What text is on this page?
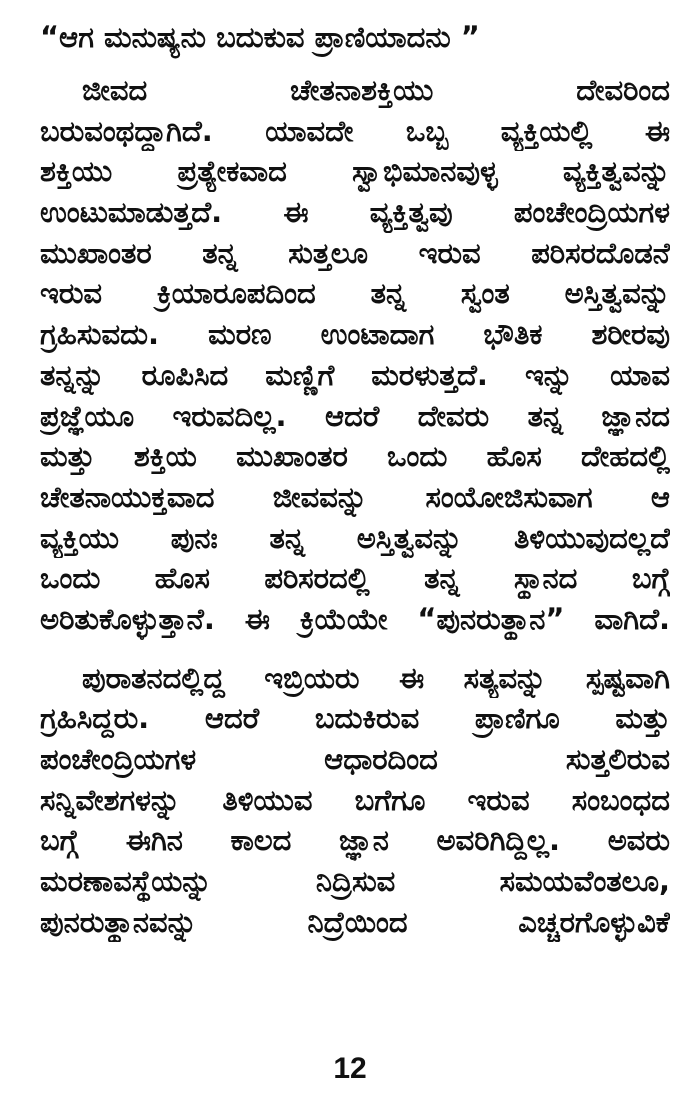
“ಆಗ ಮನುಷ್ಯನು ಬದುಕುವ ಪ್ರಾಣಿಯಾದನು ”
ಜೀವದ ಚೇತನಾಶಕ್ತಿಯು ದೇವರಿಂದ
ಬರುವಂಥದ್ದಾಗಿದೆ. ಯಾವದೇ ಒಬ್ಬ ವ್ಯಕ್ತಿಯಲ್ಲಿ ಈ
ಶಕ್ತಿಯು ಪ್ರತ್ಯೇಕವಾದ ಸ್ವಾಭಿಮಾನವುಳ್ಳ ವ್ಯಕ್ತಿತ್ವವನ್ನು
ಉಂಟುಮಾಡುತ್ತದೆ. ಈ ವ್ಯಕ್ತಿತ್ವವು ಪಂಚೇಂದ್ರಿಯಗಳ
ಮುಖಾಂತರ ತನ್ನ ಸುತ್ತಲೂ ಇರುವ ಪರಿಸರದೊಡನೆ
ಇರುವ ಕ್ರಿಯಾರೂಪದಿಂದ ತನ್ನ ಸ್ವಂತ ಅಸ್ತಿತ್ವವನ್ನು
ಗ್ರಹಿಸುವದು. ಮರಣ ಉಂಟಾದಾಗ ಭೌತಿಕ ಶರೀರವು
ತನ್ನನ್ನು ರೂಪಿಸಿದ ಮಣ್ಣಿಗೆ ಮರಳುತ್ತದೆ. ಇನ್ನು ಯಾವ
ಪ್ರಜ್ಞೆಯೂ ಇರುವದಿಲ್ಲ. ಆದರೆ ದೇವರು ತನ್ನ ಜ್ಞಾನದ
ಮತ್ತು ಶಕ್ತಿಯ ಮುಖಾಂತರ ಒಂದು ಹೊಸ ದೇಹದಲ್ಲಿ
ಚೇತನಾಯುಕ್ತವಾದ ಜೀವವನ್ನು ಸಂಯೋಜಿಸುವಾಗ ಆ
ವ್ಯಕ್ತಿಯು ಪುನಃ ತನ್ನ ಅಸ್ತಿತ್ವವನ್ನು ತಿಳಿಯುವುದಲ್ಲದೆ
ಒಂದು ಹೊಸ ಪರಿಸರದಲ್ಲಿ ತನ್ನ ಸ್ಥಾನದ ಬಗ್ಗೆ
ಅರಿತುಕೊಳ್ಳುತ್ತಾನೆ. ಈ ಕ್ರಿಯೆಯೇ “ಪುನರುತ್ಥಾನ” ವಾಗಿದೆ.
ಪುರಾತನದಲ್ಲಿದ್ದ ಇಬ್ರಿಯರು ಈ ಸತ್ಯವನ್ನು ಸ್ಪಷ್ಟವಾಗಿ
ಗ್ರಹಿಸಿದ್ದರು. ಆದರೆ ಬದುಕಿರುವ ಪ್ರಾಣಿಗೂ ಮತ್ತು
ಪಂಚೇಂದ್ರಿಯಗಳ ಆಧಾರದಿಂದ ಸುತ್ತಲಿರುವ
ಸನ್ನಿವೇಶಗಳನ್ನು ತಿಳಿಯುವ ಬಗೆಗೂ ಇರುವ ಸಂಬಂಧದ
ಬಗ್ಗೆ ಈಗಿನ ಕಾಲದ ಜ್ಞಾನ ಅವರಿಗಿದ್ದಿಲ್ಲ. ಅವರು
ಮರಣಾವಸ್ಥೆಯನ್ನು ನಿದ್ರಿಸುವ ಸಮಯವೆಂತಲೂ,
ಪುನರುತ್ಥಾನವನ್ನು ನಿದ್ರೆಯಿಂದ ಎಚ್ಚರಗೊಳ್ಳುವಿಕೆ
12
